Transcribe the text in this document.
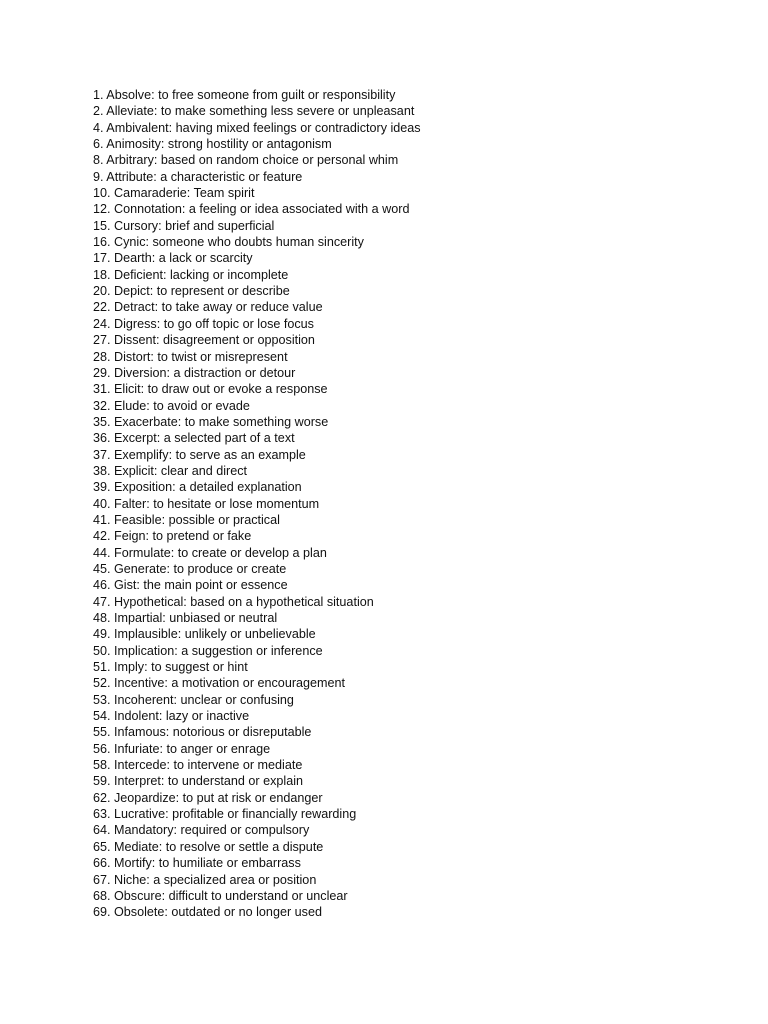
1. Absolve: to free someone from guilt or responsibility
2. Alleviate: to make something less severe or unpleasant
4. Ambivalent: having mixed feelings or contradictory ideas
6. Animosity: strong hostility or antagonism
8. Arbitrary: based on random choice or personal whim
9. Attribute: a characteristic or feature
10. Camaraderie: Team spirit
12. Connotation: a feeling or idea associated with a word
15. Cursory: brief and superficial
16. Cynic: someone who doubts human sincerity
17. Dearth: a lack or scarcity
18. Deficient: lacking or incomplete
20. Depict: to represent or describe
22. Detract: to take away or reduce value
24. Digress: to go off topic or lose focus
27. Dissent: disagreement or opposition
28. Distort: to twist or misrepresent
29. Diversion: a distraction or detour
31. Elicit: to draw out or evoke a response
32. Elude: to avoid or evade
35. Exacerbate: to make something worse
36. Excerpt: a selected part of a text
37. Exemplify: to serve as an example
38. Explicit: clear and direct
39. Exposition: a detailed explanation
40. Falter: to hesitate or lose momentum
41. Feasible: possible or practical
42. Feign: to pretend or fake
44. Formulate: to create or develop a plan
45. Generate: to produce or create
46. Gist: the main point or essence
47. Hypothetical: based on a hypothetical situation
48. Impartial: unbiased or neutral
49. Implausible: unlikely or unbelievable
50. Implication: a suggestion or inference
51. Imply: to suggest or hint
52. Incentive: a motivation or encouragement
53. Incoherent: unclear or confusing
54. Indolent: lazy or inactive
55. Infamous: notorious or disreputable
56. Infuriate: to anger or enrage
58. Intercede: to intervene or mediate
59. Interpret: to understand or explain
62. Jeopardize: to put at risk or endanger
63. Lucrative: profitable or financially rewarding
64. Mandatory: required or compulsory
65. Mediate: to resolve or settle a dispute
66. Mortify: to humiliate or embarrass
67. Niche: a specialized area or position
68. Obscure: difficult to understand or unclear
69. Obsolete: outdated or no longer used
